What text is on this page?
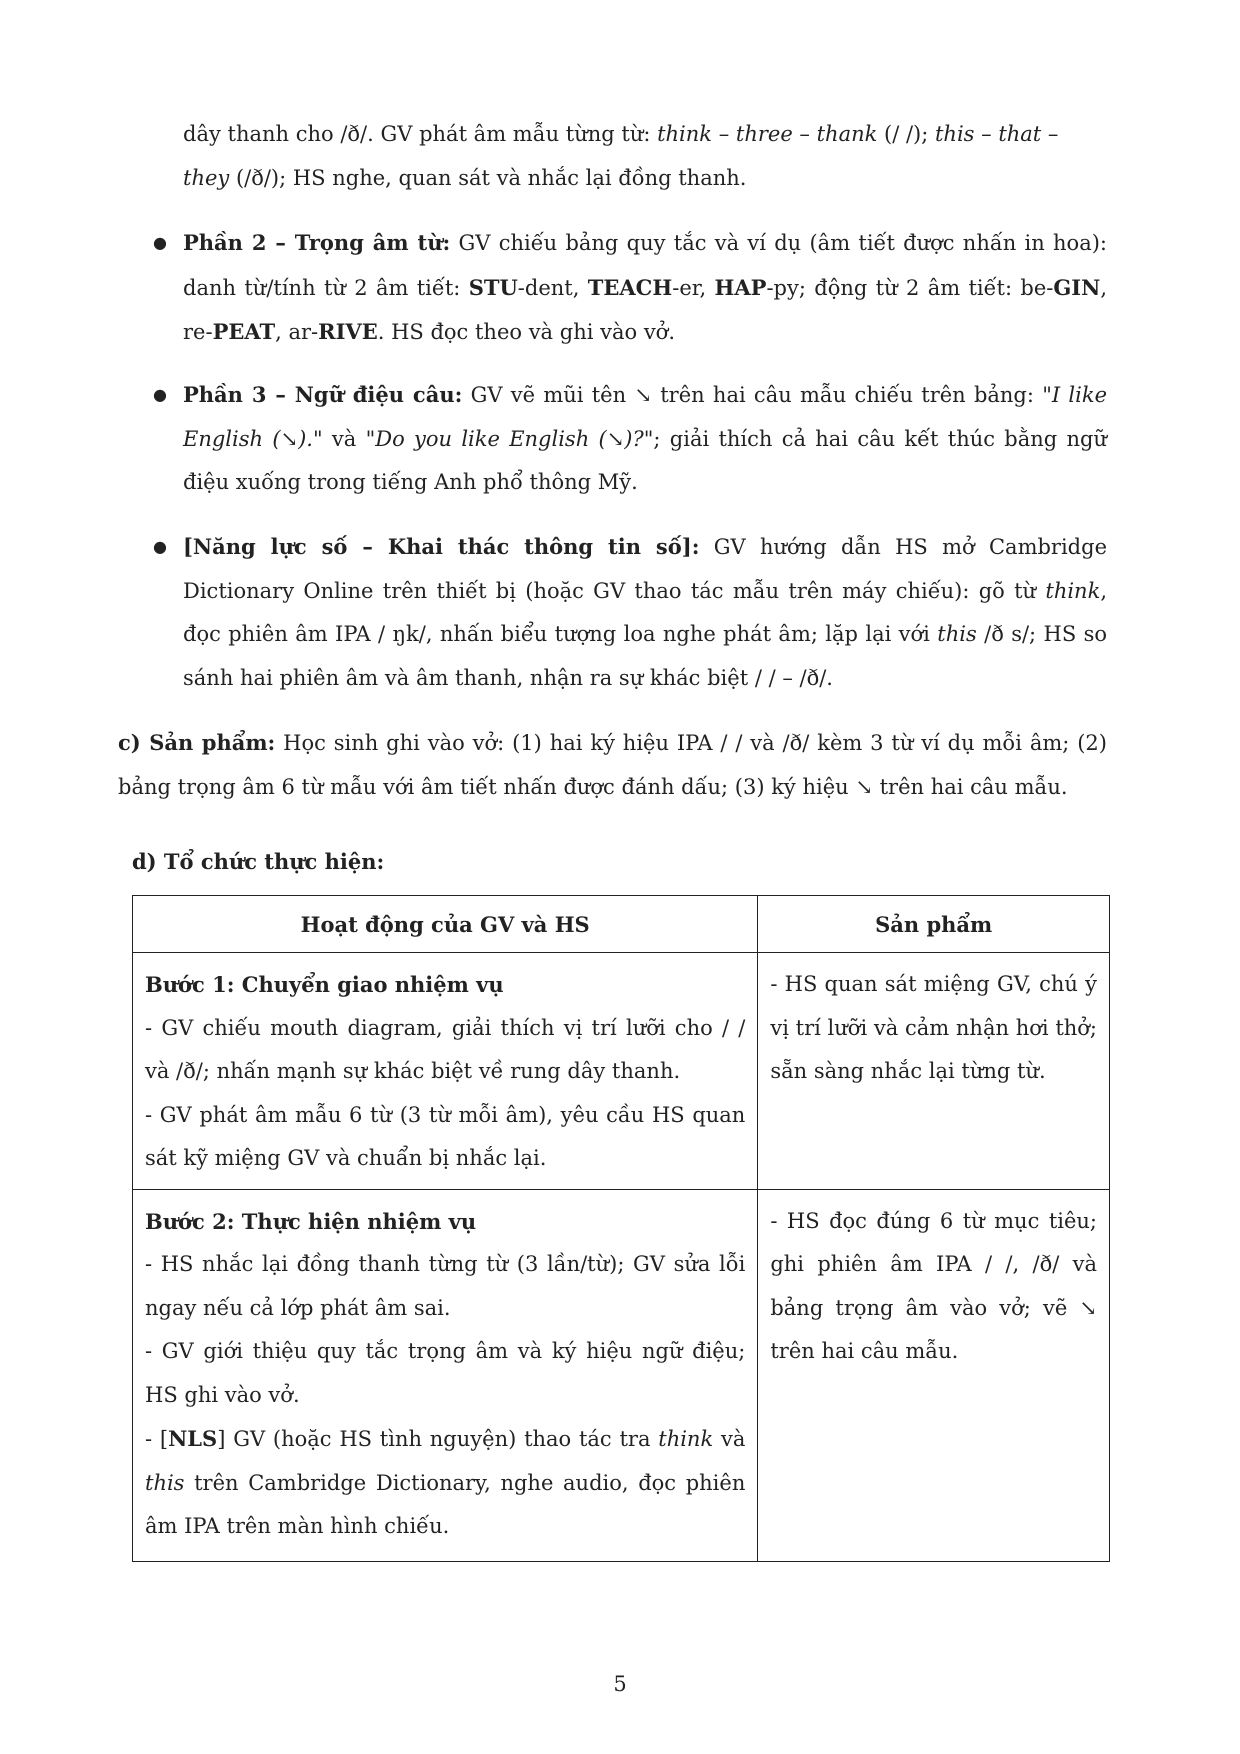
dây thanh cho /ð/. GV phát âm mẫu từng từ: think – three – thank (/ /); this – that –
they (/ð/); HS nghe, quan sát và nhắc lại đồng thanh.
● Phần 2 – Trọng âm từ: GV chiếu bảng quy tắc và ví dụ (âm tiết được nhấn in hoa): danh từ/tính từ 2 âm tiết: STU-dent, TEACH-er, HAP-py; động từ 2 âm tiết: be-GIN, re-PEAT, ar-RIVE. HS đọc theo và ghi vào vở.
● Phần 3 – Ngữ điệu câu: GV vẽ mũi tên ↘ trên hai câu mẫu chiếu trên bảng: "I like English (↘)." và "Do you like English (↘)?"; giải thích cả hai câu kết thúc bằng ngữ điệu xuống trong tiếng Anh phổ thông Mỹ.
● [Năng lực số – Khai thác thông tin số]: GV hướng dẫn HS mở Cambridge Dictionary Online trên thiết bị (hoặc GV thao tác mẫu trên máy chiếu): gõ từ think, đọc phiên âm IPA / ŋk/, nhấn biểu tượng loa nghe phát âm; lặp lại với this /ð s/; HS so sánh hai phiên âm và âm thanh, nhận ra sự khác biệt / / – /ð/.
c) Sản phẩm: Học sinh ghi vào vở: (1) hai ký hiệu IPA / / và /ð/ kèm 3 từ ví dụ mỗi âm; (2) bảng trọng âm 6 từ mẫu với âm tiết nhấn được đánh dấu; (3) ký hiệu ↘ trên hai câu mẫu.
d) Tổ chức thực hiện:
Hoạt động của GV và HS	Sản phẩm

Bước 1: Chuyển giao nhiệm vụ
- GV chiếu mouth diagram, giải thích vị trí lưỡi cho / / và /ð/; nhấn mạnh sự khác biệt về rung dây thanh.
- GV phát âm mẫu 6 từ (3 từ mỗi âm), yêu cầu HS quan sát kỹ miệng GV và chuẩn bị nhắc lại.	- HS quan sát miệng GV, chú ý vị trí lưỡi và cảm nhận hơi thở; sẵn sàng nhắc lại từng từ.

Bước 2: Thực hiện nhiệm vụ
- HS nhắc lại đồng thanh từng từ (3 lần/từ); GV sửa lỗi ngay nếu cả lớp phát âm sai.
- GV giới thiệu quy tắc trọng âm và ký hiệu ngữ điệu; HS ghi vào vở.
- [NLS] GV (hoặc HS tình nguyện) thao tác tra think và this trên Cambridge Dictionary, nghe audio, đọc phiên âm IPA trên màn hình chiếu.	- HS đọc đúng 6 từ mục tiêu; ghi phiên âm IPA / /, /ð/ và bảng trọng âm vào vở; vẽ ↘ trên hai câu mẫu.
5
